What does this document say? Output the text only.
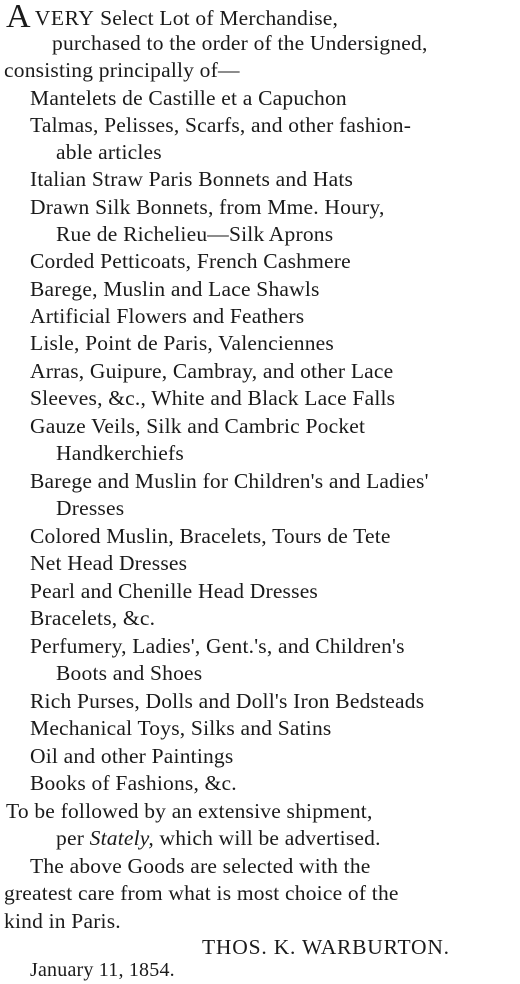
AVERY Select Lot of Merchandise,
purchased to the order of the Undersigned,
consisting principally of—
Mantelets de Castille et a Capuchon
Talmas, Pelisses, Scarfs, and other fashion-
able articles
Italian Straw Paris Bonnets and Hats
Drawn Silk Bonnets, from Mme. Houry,
Rue de Richelieu—Silk Aprons
Corded Petticoats, French Cashmere
Barege, Muslin and Lace Shawls
Artificial Flowers and Feathers
Lisle, Point de Paris, Valenciennes
Arras, Guipure, Cambray, and other Lace
Sleeves, &c., White and Black Lace Falls
Gauze Veils, Silk and Cambric Pocket
Handkerchiefs
Barege and Muslin for Children's and Ladies'
Dresses
Colored Muslin, Bracelets, Tours de Tete
Net Head Dresses
Pearl and Chenille Head Dresses
Bracelets, &c.
Perfumery, Ladies', Gent.'s, and Children's
Boots and Shoes
Rich Purses, Dolls and Doll's Iron Bedsteads
Mechanical Toys, Silks and Satins
Oil and other Paintings
Books of Fashions, &c.
To be followed by an extensive shipment,
per Stately, which will be advertised.
The above Goods are selected with the
greatest care from what is most choice of the
kind in Paris.
THOS. K. WARBURTON.
January 11, 1854.
